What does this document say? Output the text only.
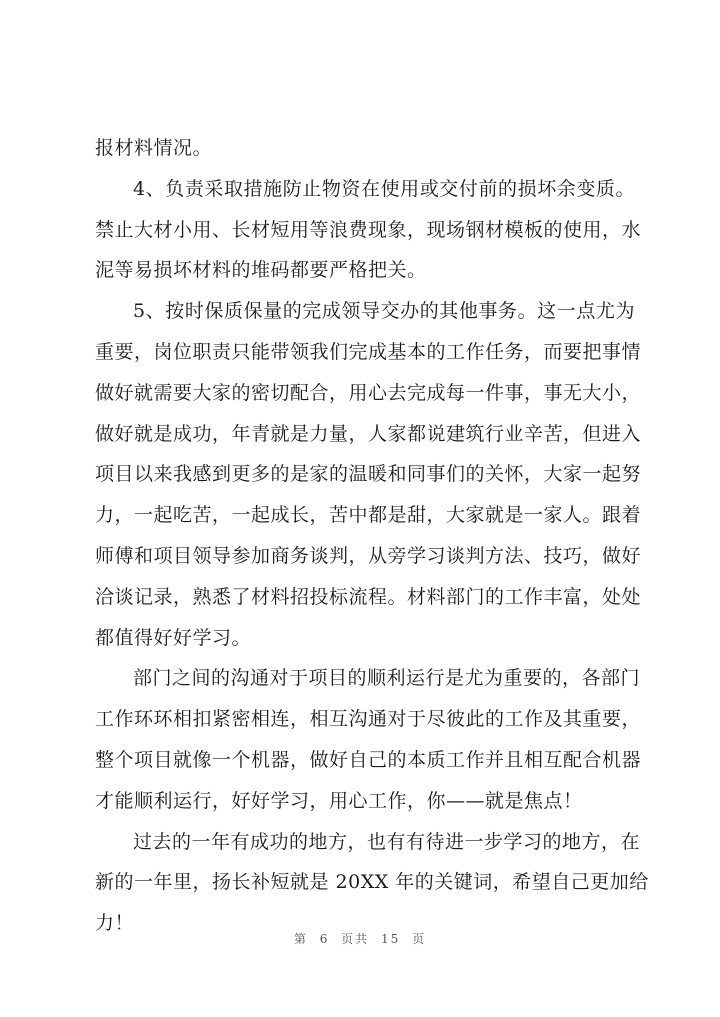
报材料情况。

4、负责采取措施防止物资在使用或交付前的损坏余变质。
禁止大材小用、长材短用等浪费现象，现场钢材模板的使用，水
泥等易损坏材料的堆码都要严格把关。

5、按时保质保量的完成领导交办的其他事务。这一点尤为
重要，岗位职责只能带领我们完成基本的工作任务，而要把事情
做好就需要大家的密切配合，用心去完成每一件事，事无大小，
做好就是成功，年青就是力量，人家都说建筑行业辛苦，但进入
项目以来我感到更多的是家的温暖和同事们的关怀，大家一起努
力，一起吃苦，一起成长，苦中都是甜，大家就是一家人。跟着
师傅和项目领导参加商务谈判，从旁学习谈判方法、技巧，做好
洽谈记录，熟悉了材料招投标流程。材料部门的工作丰富，处处
都值得好好学习。

部门之间的沟通对于项目的顺利运行是尤为重要的，各部门
工作环环相扣紧密相连，相互沟通对于尽彼此的工作及其重要，
整个项目就像一个机器，做好自己的本质工作并且相互配合机器
才能顺利运行，好好学习，用心工作，你——就是焦点！

过去的一年有成功的地方，也有有待进一步学习的地方，在
新的一年里，扬长补短就是 20XX 年的关键词，希望自己更加给
力！

第 6 页共 15 页
